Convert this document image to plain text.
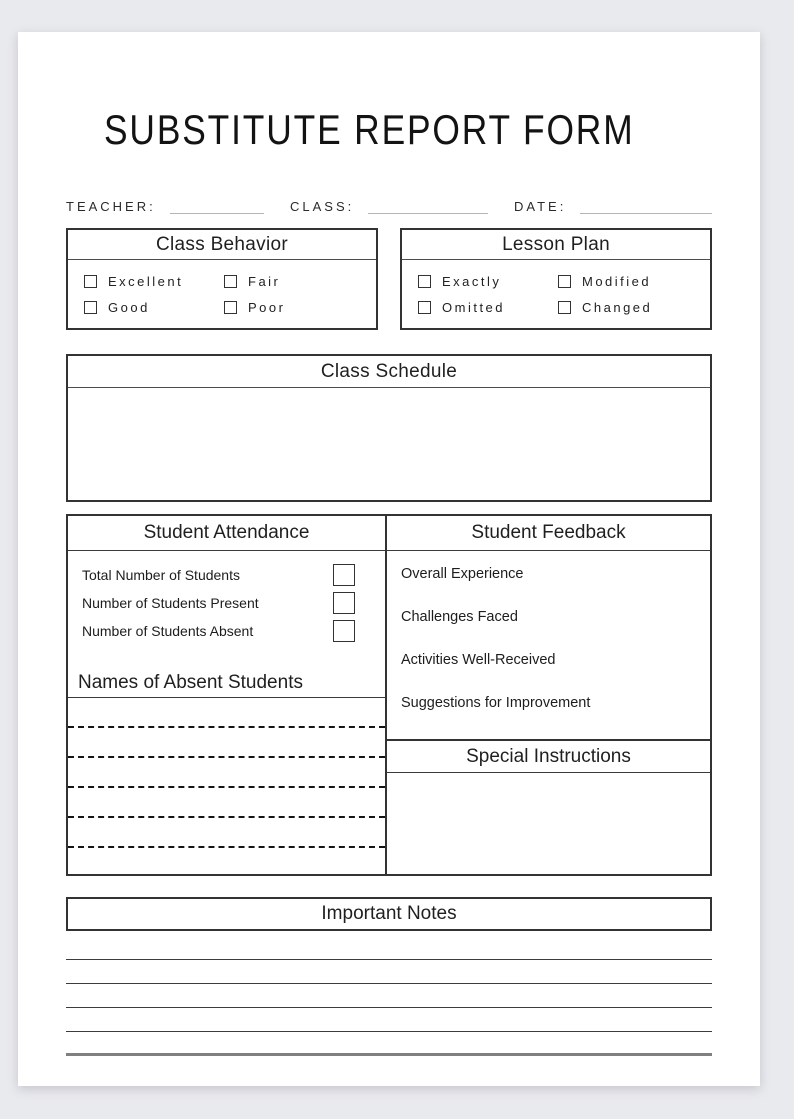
SUBSTITUTE REPORT FORM
TEACHER:	CLASS:	DATE:
Class Behavior
Excellent
Good
Fair
Poor
Lesson Plan
Exactly
Omitted
Modified
Changed
Class Schedule
Student Attendance
Total Number of Students
Number of Students Present
Number of Students Absent
Names of Absent Students
Student Feedback
Overall Experience
Challenges Faced
Activities Well-Received
Suggestions for Improvement
Special Instructions
Important Notes
